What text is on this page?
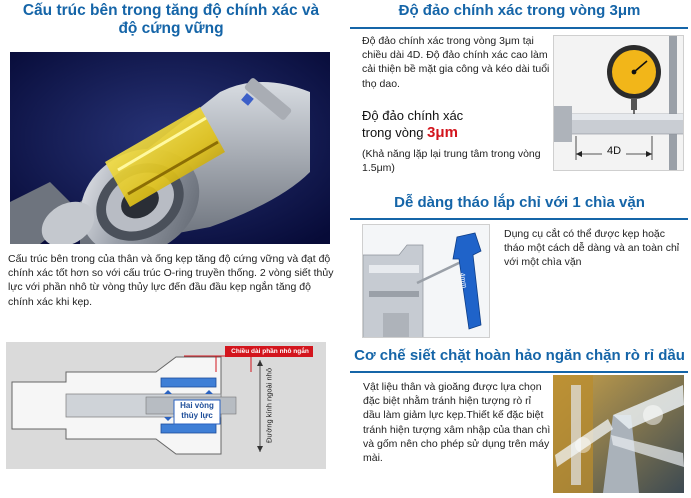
Cấu trúc bên trong tăng độ chính xác và
độ cứng vững
Cấu trúc bên trong của thân và ống kẹp tăng độ cứng vững và đạt độ chính xác tốt hơn so với cấu trúc O-ring truyền thống. 2 vòng siết thủy lực với phần nhô từ vòng thủy lực đến đầu đầu kẹp ngắn tăng độ chính xác khi kẹp.
Chiều dài phần nhô ngắn
Hai vòng
thủy lực	Đường kính ngoài nhỏ
Độ đảo chính xác trong vòng 3μm
Độ đảo chính xác trong vòng 3μm tại chiều dài 4D. Độ đảo chính xác cao làm cải thiện bề mặt gia công và kéo dài tuổi thọ dao.
Độ đảo chính xác
trong vòng 3μm
(Khả năng lặp lại trung tâm trong vòng 1.5μm)
4D
Dễ dàng tháo lắp chỉ với 1 chìa vặn
4mm
Dụng cụ cắt có thể được kẹp hoặc tháo một cách dễ dàng và an toàn chỉ với một chìa vặn
Cơ chế siết chặt hoàn hảo ngăn chặn rò rỉ dầu
Vật liệu thân và gioăng được lựa chọn đặc biệt nhằm tránh hiện tượng rò rỉ dầu làm giảm lực kẹp.Thiết kế đặc biệt tránh hiện tượng xâm nhập của than chì và gốm nên cho phép sử dụng trên máy mài.
